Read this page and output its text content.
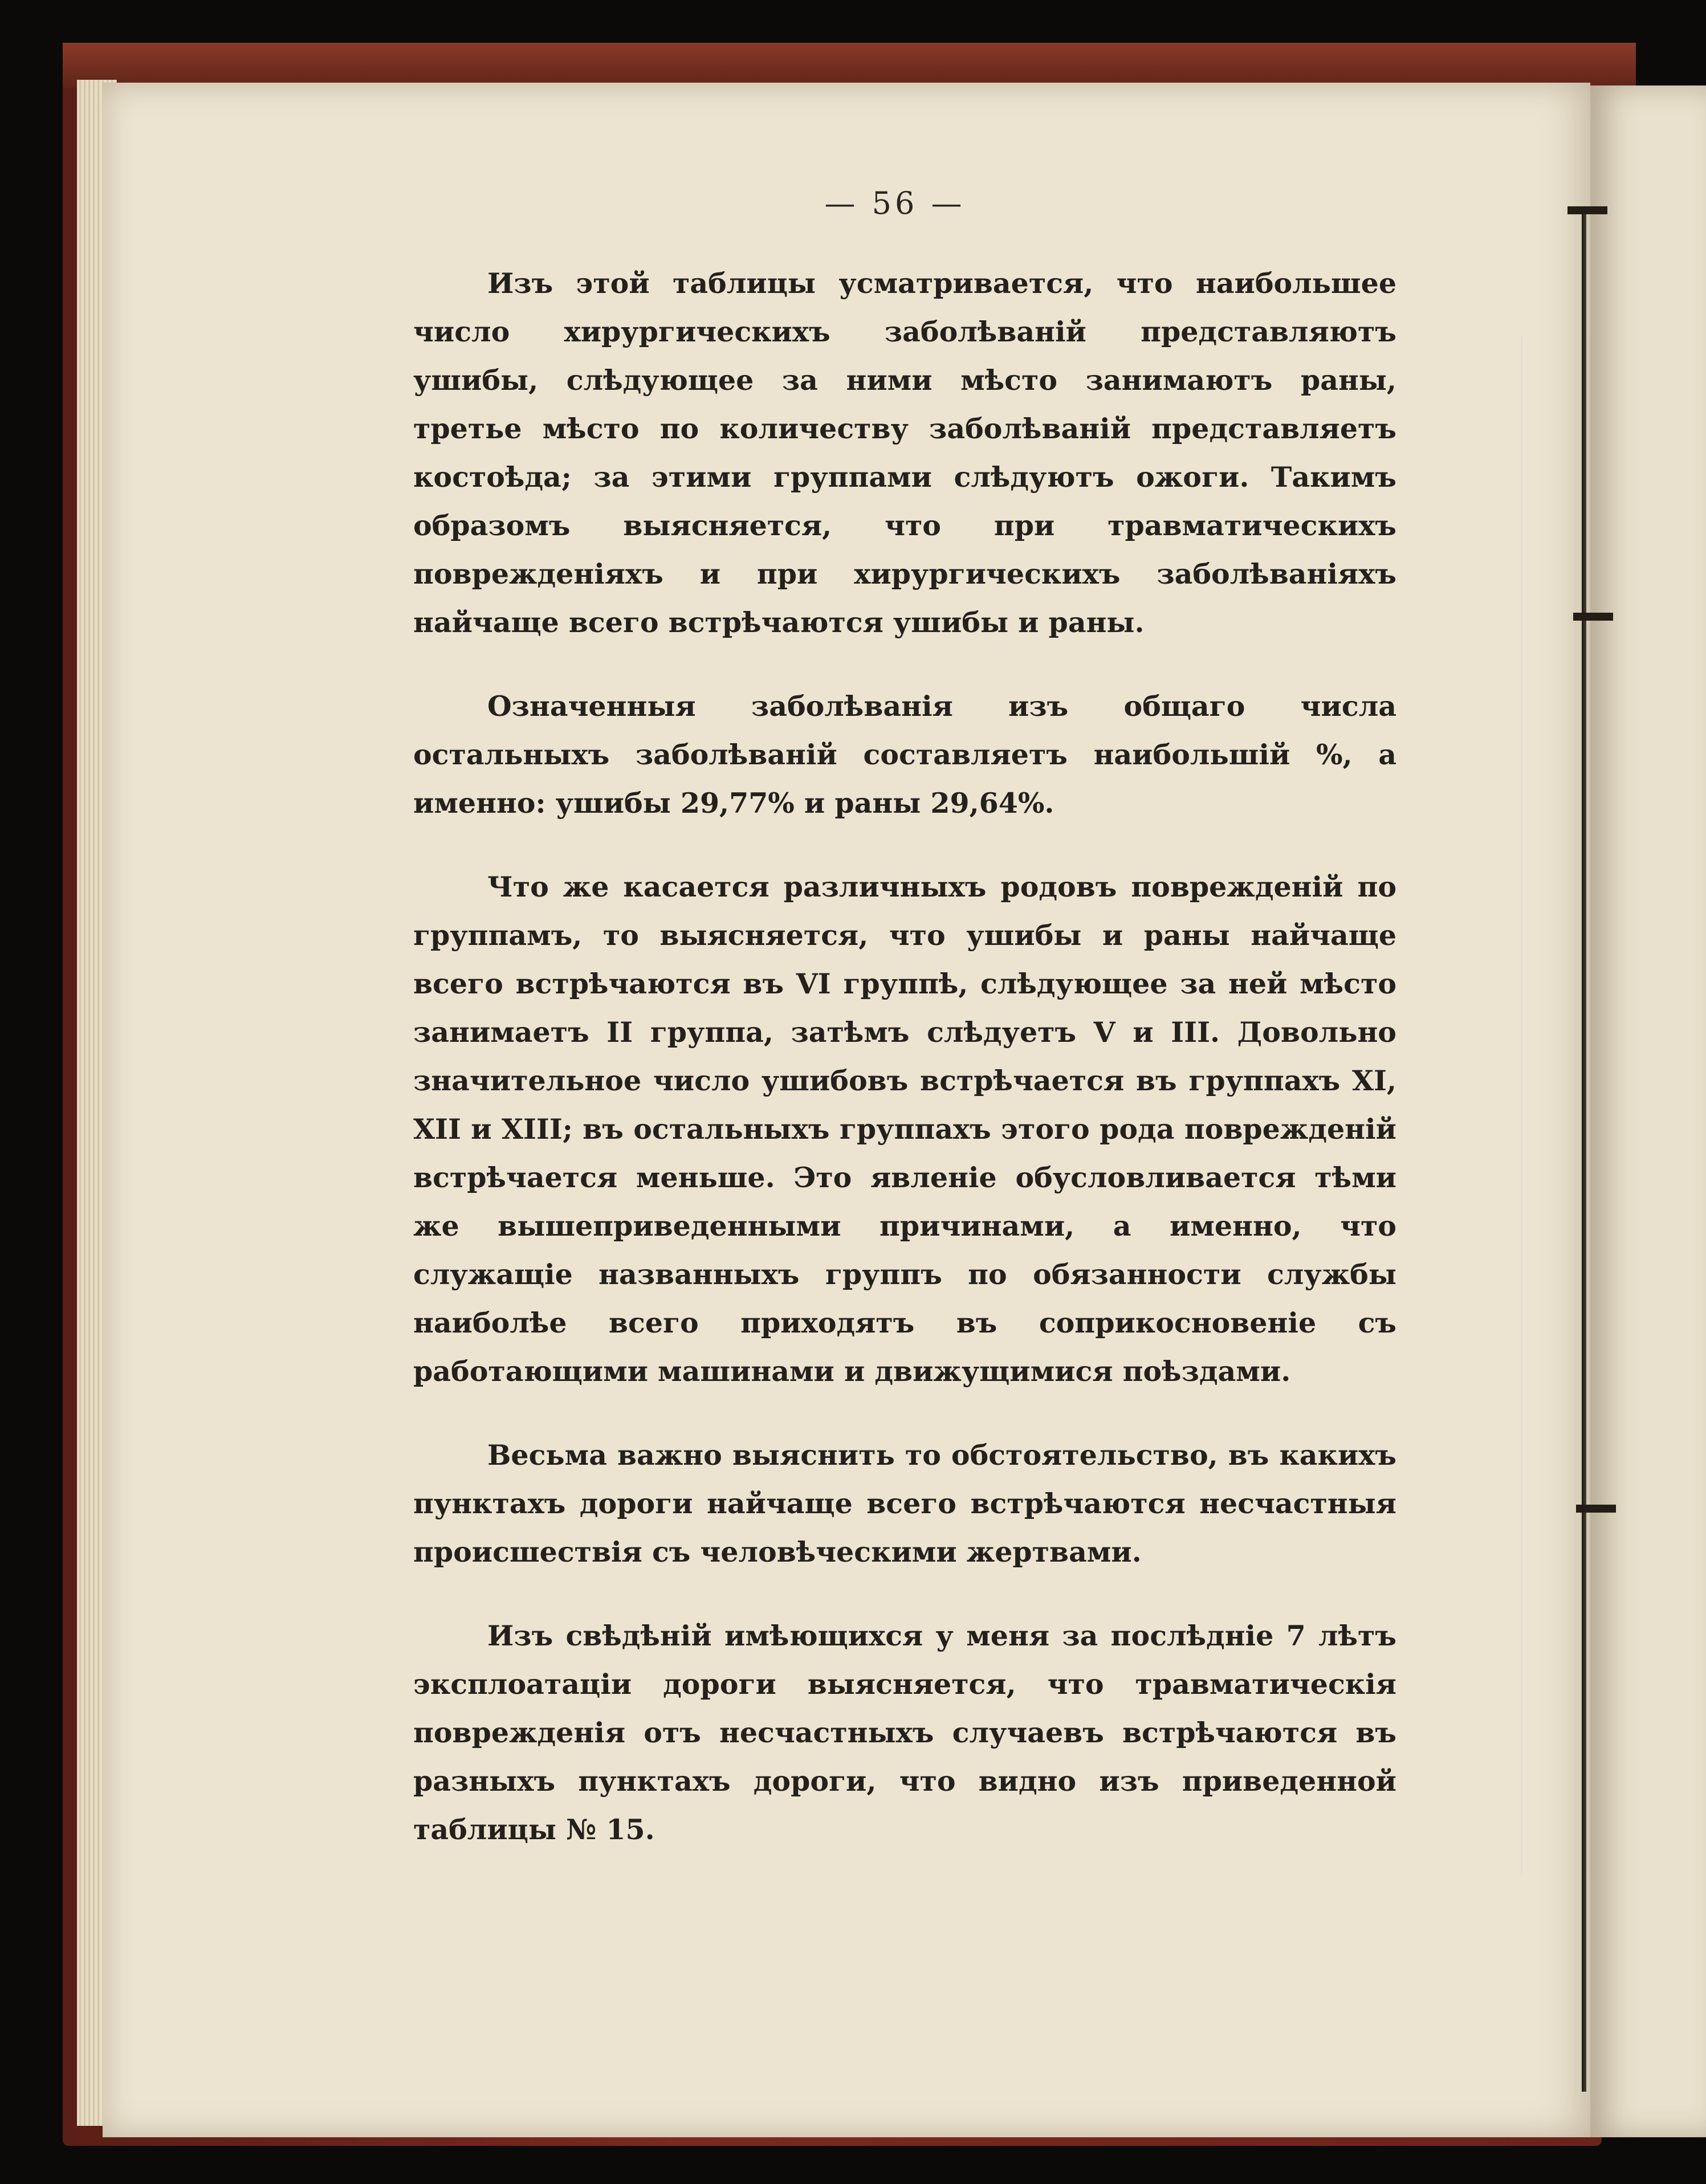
— 56 —

Изъ этой таблицы усматривается, что наибольшее число хирургическихъ заболѣваній представляютъ ушибы, слѣдующее за ними мѣсто занимаютъ раны, третье мѣсто по количеству заболѣваній представляетъ костоѣда; за этими группами слѣдуютъ ожоги. Такимъ образомъ выясняется, что при травматическихъ поврежденіяхъ и при хирургическихъ заболѣваніяхъ найчаще всего встрѣчаются ушибы и раны.

Означенныя заболѣванія изъ общаго числа остальныхъ заболѣваній составляетъ наибольшій %, а именно: ушибы 29,77% и раны 29,64%.

Что же касается различныхъ родовъ поврежденій по группамъ, то выясняется, что ушибы и раны найчаще всего встрѣчаются въ VI группѣ, слѣдующее за ней мѣсто занимаетъ II группа, затѣмъ слѣдуетъ V и III. Довольно значительное число ушибовъ встрѣчается въ группахъ XI, XII и XIII; въ остальныхъ группахъ этого рода поврежденій встрѣчается меньше. Это явленіе обусловливается тѣми же вышеприведенными причинами, а именно, что служащіе названныхъ группъ по обязанности службы наиболѣе всего приходятъ въ соприкосновеніе съ работающими машинами и движущимися поѣздами.

Весьма важно выяснить то обстоятельство, въ какихъ пунктахъ дороги найчаще всего встрѣчаются несчастныя происшествія съ человѣческими жертвами.

Изъ свѣдѣній имѣющихся у меня за послѣдніе 7 лѣтъ эксплоатаціи дороги выясняется, что травматическія поврежденія отъ несчастныхъ случаевъ встрѣчаются въ разныхъ пунктахъ дороги, что видно изъ приведенной таблицы № 15.
